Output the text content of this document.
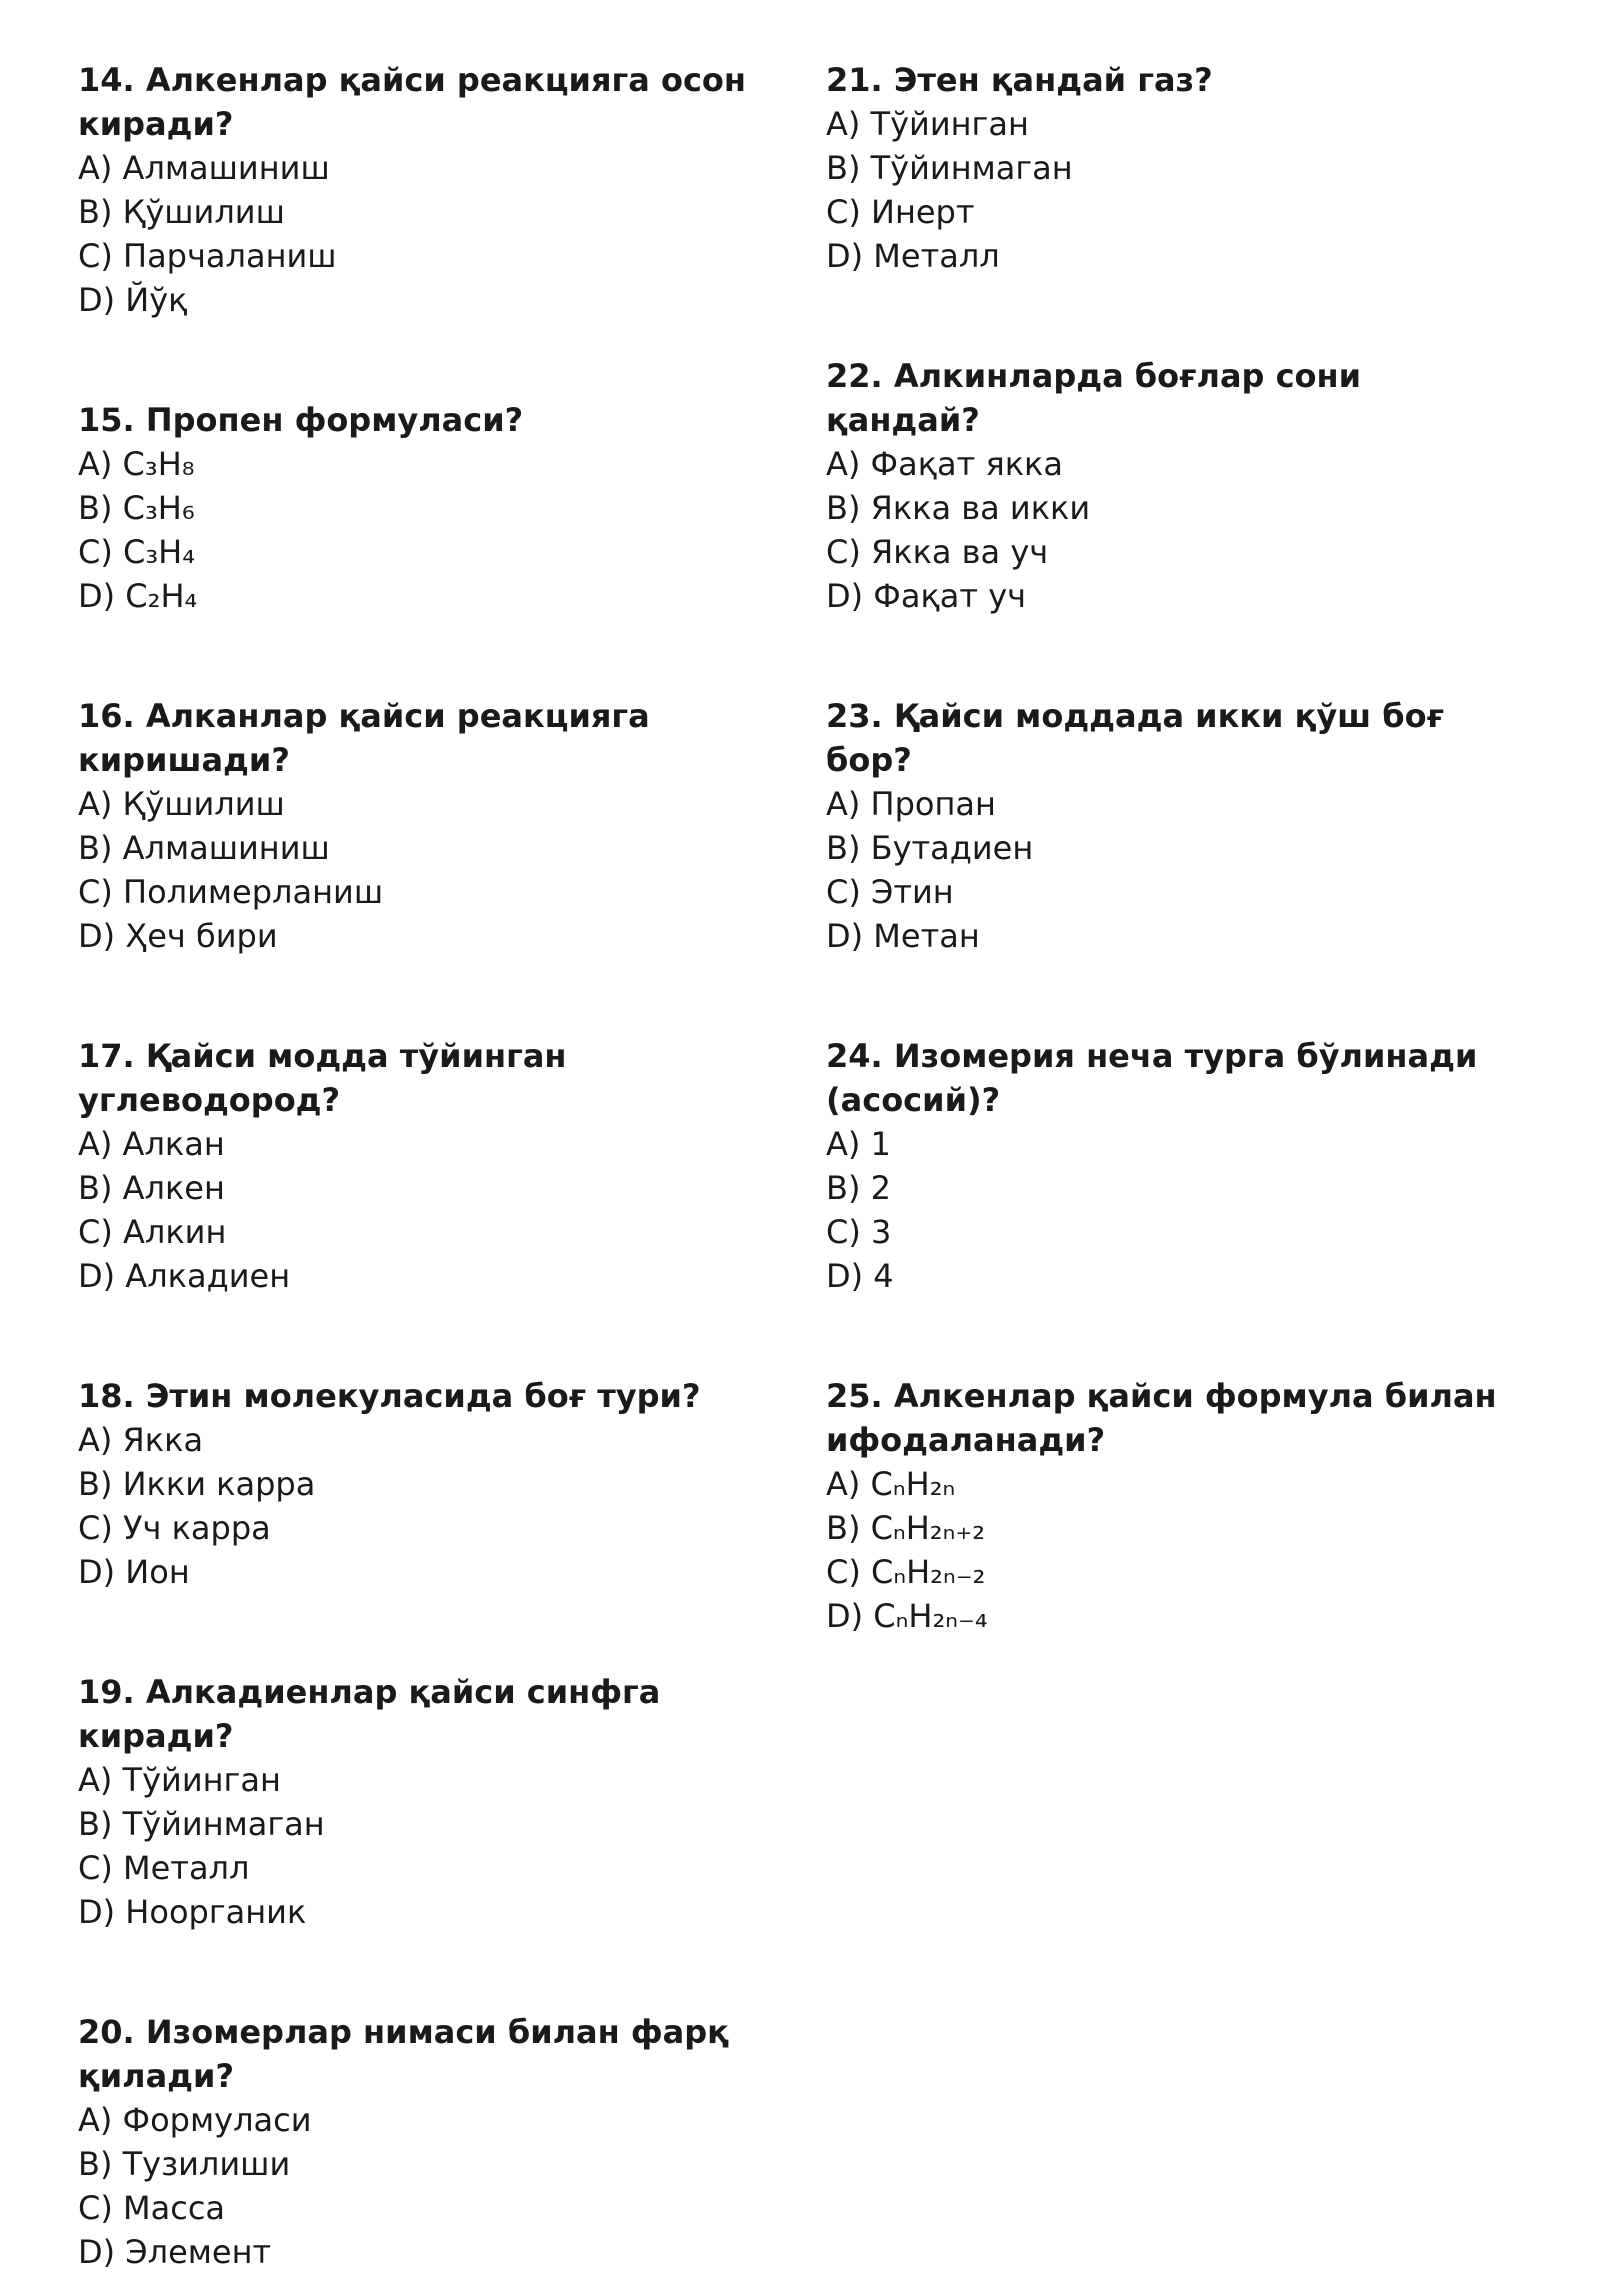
14. Алкенлар қайси реакцияга осон

киради?

A) Алмашиниш

B) Қўшилиш

C) Парчаланиш

D) Йўқ

15. Пропен формуласи?

A) C₃H₈

B) C₃H₆

C) C₃H₄

D) C₂H₄

16. Алканлар қайси реакцияга

киришади?

A) Қўшилиш

B) Алмашиниш

C) Полимерланиш

D) Ҳеч бири

17. Қайси модда тўйинган углеводород?

A) Алкан

B) Алкен

C) Алкин

D) Алкадиен

18. Этин молекуласида боғ тури?

A) Якка

B) Икки карра

C) Уч карра

D) Ион

19. Алкадиенлар қайси синфга киради?

A) Тўйинган

B) Тўйинмаган

C) Металл

D) Ноорганик

20. Изомерлар нимаси билан фарқ

қилади?

A) Формуласи

B) Тузилиши

C) Масса

D) Элемент

21. Этен қандай газ?

A) Тўйинган

B) Тўйинмаган

C) Инерт

D) Металл

22. Алкинларда боғлар сони қандай?

A) Фақат якка

B) Якка ва икки

C) Якка ва уч

D) Фақат уч

23. Қайси моддада икки қўш боғ бор?

A) Пропан

B) Бутадиен

C) Этин

D) Метан

24. Изомерия неча турга бўлинади

(асосий)?

A) 1

B) 2

C) 3

D) 4

25. Алкенлар қайси формула билан

ифодаланади?

A) CₙH₂ₙ

B) CₙH₂ₙ₊₂

C) CₙH₂ₙ₋₂

D) CₙH₂ₙ₋₄
